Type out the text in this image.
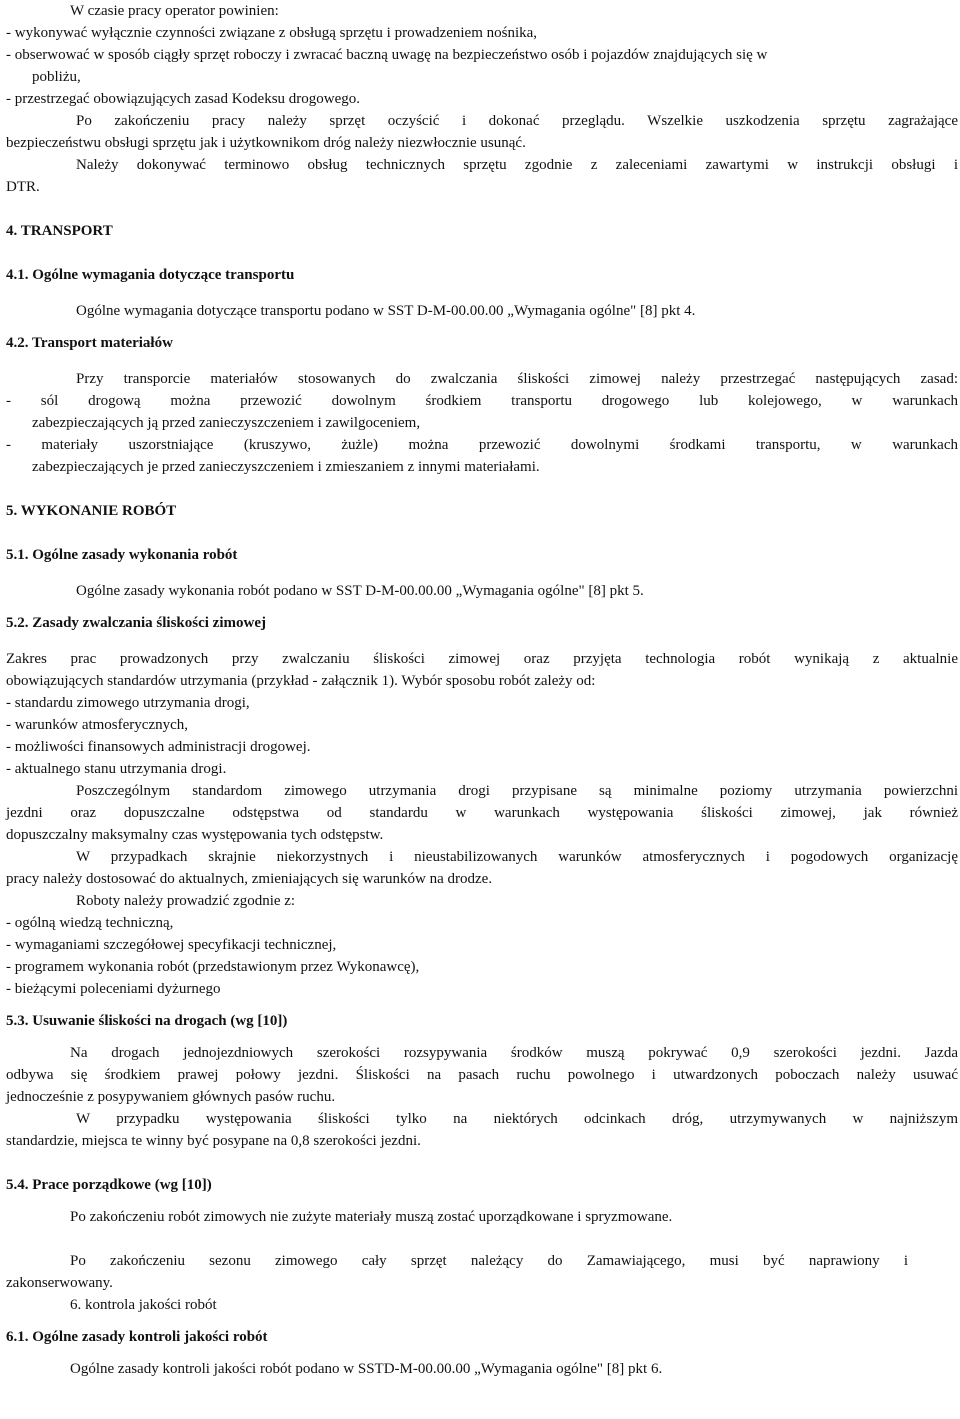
W czasie pracy operator powinien:
- wykonywać wyłącznie czynności związane z obsługą sprzętu i prowadzeniem nośnika,
- obserwować w sposób ciągły sprzęt roboczy i zwracać baczną uwagę na bezpieczeństwo osób i pojazdów znajdujących się w
pobliżu,
- przestrzegać obowiązujących zasad Kodeksu drogowego.
Po zakończeniu pracy należy sprzęt oczyścić i dokonać przeglądu. Wszelkie uszkodzenia sprzętu zagrażające
bezpieczeństwu obsługi sprzętu jak i użytkownikom dróg należy niezwłocznie usunąć.
Należy dokonywać terminowo obsług technicznych sprzętu zgodnie z zaleceniami zawartymi w instrukcji obsługi i
DTR.
4. TRANSPORT
4.1. Ogólne wymagania dotyczące transportu
Ogólne wymagania dotyczące transportu podano w SST D-M-00.00.00 „Wymagania ogólne" [8] pkt 4.
4.2. Transport materiałów
Przy transporcie materiałów stosowanych do zwalczania śliskości zimowej należy przestrzegać następujących zasad:
- sól drogową można przewozić dowolnym środkiem transportu drogowego lub kolejowego, w warunkach
zabezpieczających ją przed zanieczyszczeniem i zawilgoceniem,
- materiały uszorstniające (kruszywo, żużle) można przewozić dowolnymi środkami transportu, w warunkach
zabezpieczających je przed zanieczyszczeniem i zmieszaniem z innymi materiałami.
5. WYKONANIE ROBÓT
5.1. Ogólne zasady wykonania robót
Ogólne zasady wykonania robót podano w SST D-M-00.00.00 „Wymagania ogólne" [8] pkt 5.
5.2. Zasady zwalczania śliskości zimowej
Zakres prac prowadzonych przy zwalczaniu śliskości zimowej oraz przyjęta technologia robót wynikają z aktualnie
obowiązujących standardów utrzymania (przykład - załącznik 1). Wybór sposobu robót zależy od:
- standardu zimowego utrzymania drogi,
- warunków atmosferycznych,
- możliwości finansowych administracji drogowej.
- aktualnego stanu utrzymania drogi.
Poszczególnym standardom zimowego utrzymania drogi przypisane są minimalne poziomy utrzymania powierzchni
jezdni oraz dopuszczalne odstępstwa od standardu w warunkach występowania śliskości zimowej, jak również
dopuszczalny maksymalny czas występowania tych odstępstw.
W przypadkach skrajnie niekorzystnych i nieustabilizowanych warunków atmosferycznych i pogodowych organizację
pracy należy dostosować do aktualnych, zmieniających się warunków na drodze.
Roboty należy prowadzić zgodnie z:
- ogólną wiedzą techniczną,
- wymaganiami szczegółowej specyfikacji technicznej,
- programem wykonania robót (przedstawionym przez Wykonawcę),
- bieżącymi poleceniami dyżurnego
5.3. Usuwanie śliskości na drogach (wg [10])
Na drogach jednojezdniowych szerokości rozsypywania środków muszą pokrywać 0,9 szerokości jezdni. Jazda
odbywa się środkiem prawej połowy jezdni. Śliskości na pasach ruchu powolnego i utwardzonych poboczach należy usuwać
jednocześnie z posypywaniem głównych pasów ruchu.
W przypadku występowania śliskości tylko na niektórych odcinkach dróg, utrzymywanych w najniższym
standardzie, miejsca te winny być posypane na 0,8 szerokości jezdni.
5.4. Prace porządkowe (wg [10])
Po zakończeniu robót zimowych nie zużyte materiały muszą zostać uporządkowane i spryzmowane.
Po zakończeniu sezonu zimowego cały sprzęt należący do Zamawiającego, musi być naprawiony i
zakonserwowany.
6. kontrola jakości robót
6.1. Ogólne zasady kontroli jakości robót
Ogólne zasady kontroli jakości robót podano w SSTD-M-00.00.00 „Wymagania ogólne" [8] pkt 6.
